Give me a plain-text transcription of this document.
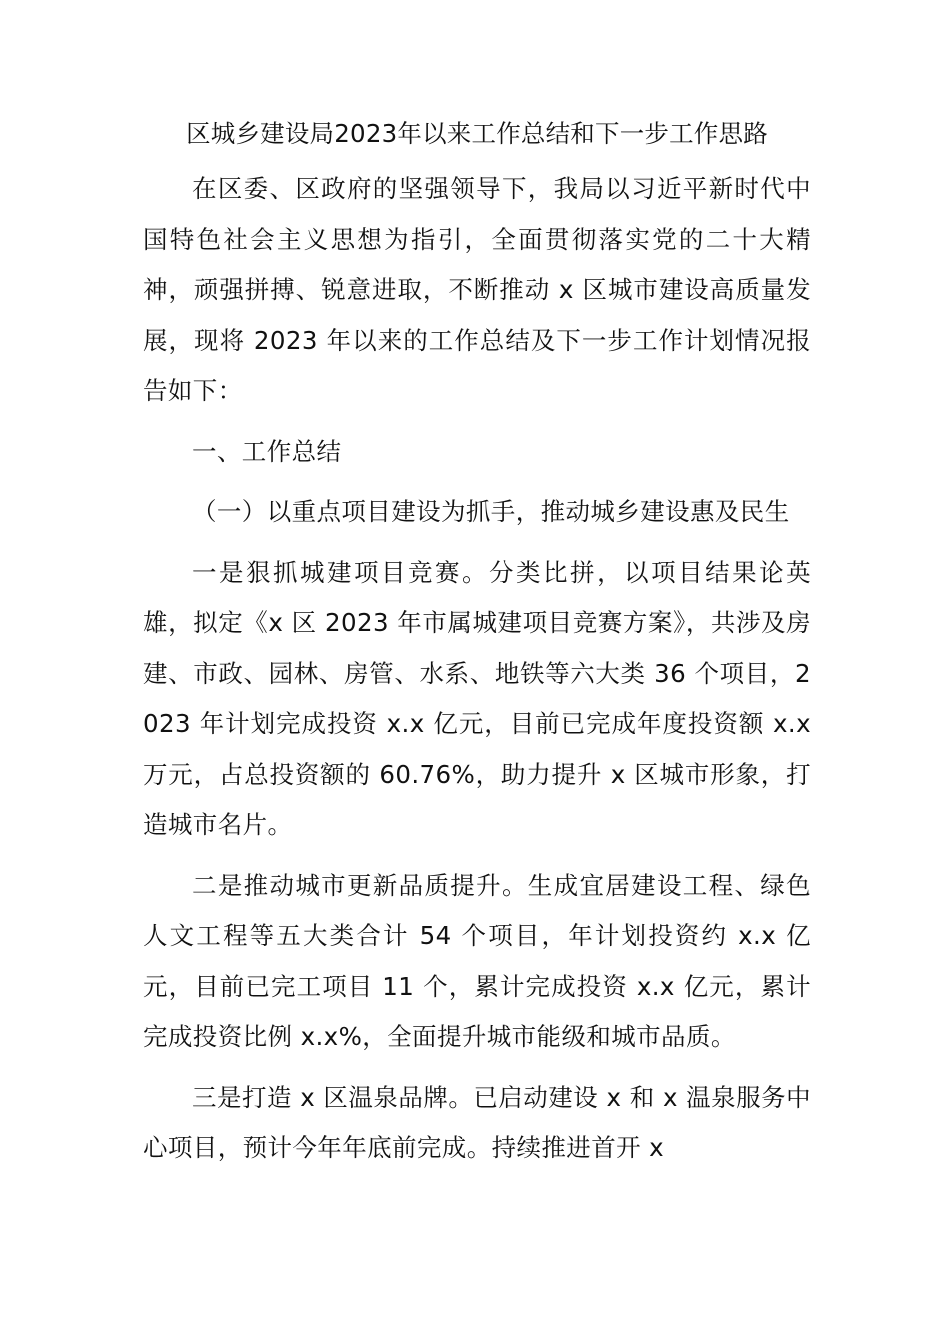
区城乡建设局2023年以来工作总结和下一步工作思路
在区委、区政府的坚强领导下，我局以习近平新时代中国特色社会主义思想为指引，全面贯彻落实党的二十大精神，顽强拼搏、锐意进取，不断推动 x 区城市建设高质量发展，现将 2023 年以来的工作总结及下一步工作计划情况报告如下：
一、工作总结
（一）以重点项目建设为抓手，推动城乡建设惠及民生
一是狠抓城建项目竞赛。分类比拼，以项目结果论英雄，拟定《x 区 2023 年市属城建项目竞赛方案》，共涉及房建、市政、园林、房管、水系、地铁等六大类 36 个项目，2023 年计划完成投资 x.x 亿元，目前已完成年度投资额 x.x 万元，占总投资额的 60.76%，助力提升 x 区城市形象，打造城市名片。
二是推动城市更新品质提升。生成宜居建设工程、绿色人文工程等五大类合计 54 个项目，年计划投资约 x.x 亿元，目前已完工项目 11 个，累计完成投资 x.x 亿元，累计完成投资比例 x.x%，全面提升城市能级和城市品质。
三是打造 x 区温泉品牌。已启动建设 x 和 x 温泉服务中心项目，预计今年年底前完成。持续推进首开 x
